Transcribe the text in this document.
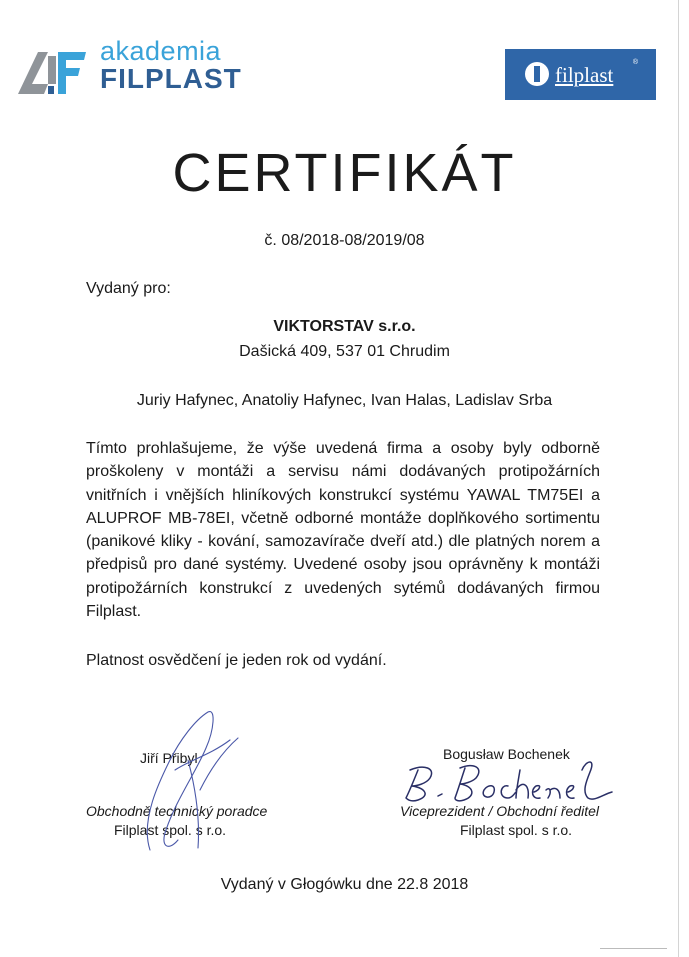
akademia
FILPLAST	filplast
®
CERTIFIKÁT
č. 08/2018-08/2019/08
Vydaný pro:
VIKTORSTAV s.r.o.
Dašická 409, 537 01 Chrudim
Juriy Hafynec, Anatoliy Hafynec, Ivan Halas, Ladislav Srba
Tímto prohlašujeme, že výše uvedená firma a osoby byly odborně proškoleny v montáži a servisu námi dodávaných protipožárních vnitřních i vnějších hliníkových konstrukcí systému YAWAL TM75EI a ALUPROF MB-78EI, včetně odborné montáže doplňkového sortimentu (panikové kliky - kování, samozavírače dveří atd.) dle platných norem a předpisů pro dané systémy. Uvedené osoby jsou oprávněny k montáži protipožárních konstrukcí z uvedených sytémů dodávaných firmou Filplast.
Platnost osvědčení je jeden rok od vydání.
Jiří Přibyl
Obchodně technický poradce
Filplast spol. s r.o.
Bogusław Bochenek
Viceprezident / Obchodní ředitel
Filplast spol. s r.o.
Vydaný v Głogówku dne 22.8 2018
